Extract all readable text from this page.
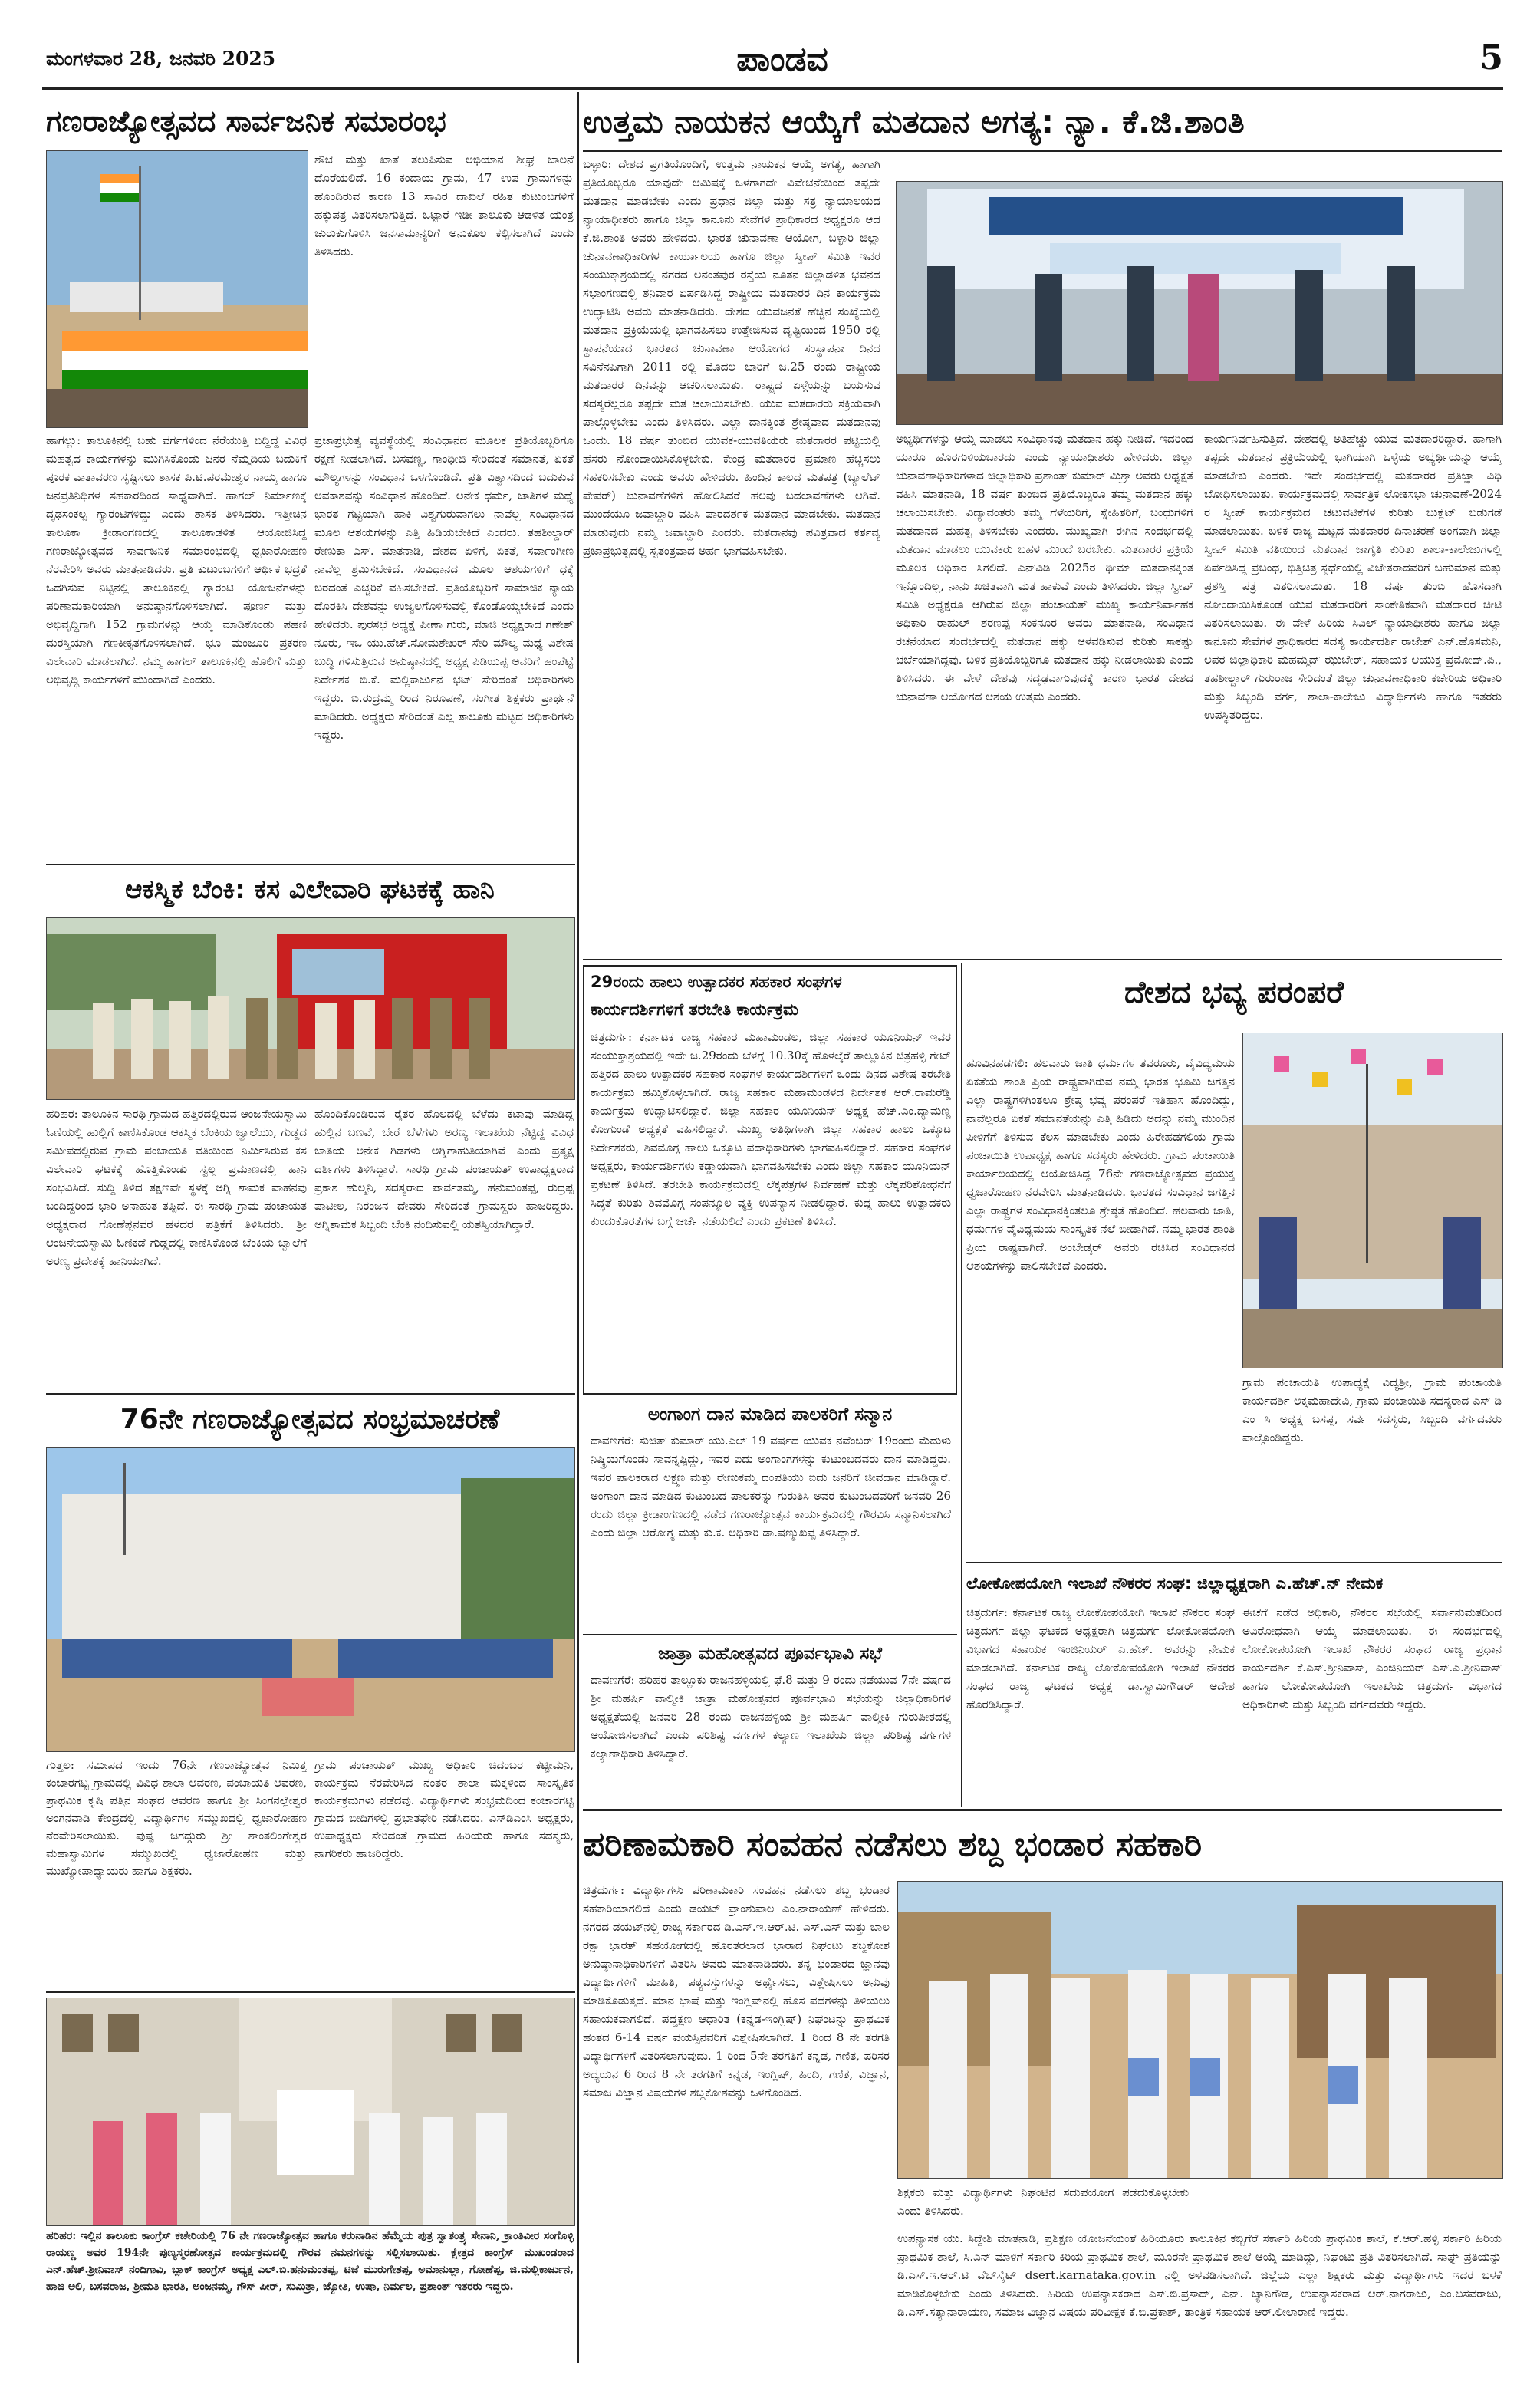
ಮಂಗಳವಾರ 28, ಜನವರಿ 2025	ಪಾಂಡವ	5
ಗಣರಾಜ್ಯೋತ್ಸವದ ಸಾರ್ವಜನಿಕ ಸಮಾರಂಭ
ಶೌಚ ಮತ್ತು ಖಾತೆ ತಲುಪಿಸುವ ಅಭಿಯಾನ ಶೀಘ್ರ ಚಾಲನೆ ದೊರೆಯಲಿದೆ. 16 ಕಂದಾಯ ಗ್ರಾಮ, 47 ಉಪ ಗ್ರಾಮಗಳನ್ನು ಹೊಂದಿರುವ ಕಾರಣ 13 ಸಾವಿರ ದಾಖಲೆ ರಹಿತ ಕುಟುಂಬಗಳಿಗೆ ಹಕ್ಕುಪತ್ರ ವಿತರಿಸಲಾಗುತ್ತಿದೆ. ಒಟ್ಟಾರೆ ಇಡೀ ತಾಲೂಕು ಆಡಳಿತ ಯಂತ್ರ ಚುರುಕುಗೊಳಿಸಿ ಜನಸಾಮಾನ್ಯರಿಗೆ ಅನುಕೂಲ ಕಲ್ಪಿಸಲಾಗಿದೆ ಎಂದು ತಿಳಿಸಿದರು.
ಹಾಗಲ್ಲು: ತಾಲೂಕಿನಲ್ಲಿ ಬಹು ವರ್ಗಗಳಿಂದ ನೆರೆಯುತ್ತಿ ಬಿದ್ದಿದ್ದ ವಿವಿಧ ಮಹತ್ವದ ಕಾರ್ಯಗಳನ್ನು ಮುಗಿಸಿಕೊಂಡು ಜನರ ನೆಮ್ಮದಿಯ ಬದುಕಿಗೆ ಪೂರಕ ವಾತಾವರಣ ಸೃಷ್ಟಿಸಲು ಶಾಸಕ ಪಿ.ಟಿ.ಪರಮೇಶ್ವರ ನಾಯ್ಕ ಹಾಗೂ ಜನಪ್ರತಿನಿಧಿಗಳ ಸಹಕಾರದಿಂದ ಸಾಧ್ಯವಾಗಿದೆ. ಹಾಗಲ್ ನಿರ್ಮಾಣಕ್ಕೆ ದೃಢಸಂಕಲ್ಪ ಗ್ಯಾರಂಟಿಗಳಿದ್ದು ಎಂದು ಶಾಸಕ ತಿಳಿಸಿದರು. ಇತ್ತೀಚಿನ ತಾಲೂಕಾ ಕ್ರೀಡಾಂಗಣದಲ್ಲಿ ತಾಲೂಕಾಡಳಿತ ಆಯೋಜಿಸಿದ್ದ ಗಣರಾಜ್ಯೋತ್ಸವದ ಸಾರ್ವಜನಿಕ ಸಮಾರಂಭದಲ್ಲಿ ಧ್ವಜಾರೋಹಣ ನೆರವೇರಿಸಿ ಅವರು ಮಾತನಾಡಿದರು. ಪ್ರತಿ ಕುಟುಂಬಗಳಿಗೆ ಆರ್ಥಿಕ ಭದ್ರತೆ ಒದಗಿಸುವ ನಿಟ್ಟಿನಲ್ಲಿ ತಾಲೂಕಿನಲ್ಲಿ ಗ್ಯಾರಂಟಿ ಯೋಜನೆಗಳನ್ನು ಪರಿಣಾಮಕಾರಿಯಾಗಿ ಅನುಷ್ಠಾನಗೊಳಿಸಲಾಗಿದೆ. ಪೂರ್ಣ ಮತ್ತು ಅಭಿವೃದ್ಧಿಗಾಗಿ 152 ಗ್ರಾಮಗಳನ್ನು ಆಯ್ಕೆ ಮಾಡಿಕೊಂಡು ಪಹಣಿ ದುರಸ್ತಿಯಾಗಿ ಗಣಕೀಕೃತಗೊಳಿಸಲಾಗಿದೆ. ಭೂ ಮಂಜೂರಿ ಪ್ರಕರಣ ವಿಲೇವಾರಿ ಮಾಡಲಾಗಿದೆ. ನಮ್ಮ ಹಾಗಲ್ ತಾಲೂಕಿನಲ್ಲಿ ಹೊಲಿಗೆ ಮತ್ತು ಅಭಿವೃದ್ಧಿ ಕಾರ್ಯಗಳಿಗೆ ಮುಂದಾಗಿದೆ ಎಂದರು.
ಪ್ರಜಾಪ್ರಭುತ್ವ ವ್ಯವಸ್ಥೆಯಲ್ಲಿ ಸಂವಿಧಾನದ ಮೂಲಕ ಪ್ರತಿಯೊಬ್ಬರಿಗೂ ರಕ್ಷಣೆ ನೀಡಲಾಗಿದೆ. ಬಸವಣ್ಣ, ಗಾಂಧೀಜಿ ಸೇರಿದಂತೆ ಸಮಾನತೆ, ಏಕತೆ ಮೌಲ್ಯಗಳನ್ನು ಸಂವಿಧಾನ ಒಳಗೊಂಡಿದೆ. ಪ್ರತಿ ವಿಶ್ವಾಸದಿಂದ ಬದುಕುವ ಅವಕಾಶವನ್ನು ಸಂವಿಧಾನ ಹೊಂದಿದೆ. ಅನೇಕ ಧರ್ಮ, ಜಾತಿಗಳ ಮಧ್ಯೆ ಭಾರತ ಗಟ್ಟಿಯಾಗಿ ಹಾಕಿ ವಿಶ್ವಗುರುವಾಗಲು ನಾವೆಲ್ಲ ಸಂವಿಧಾನದ ಮೂಲ ಆಶಯಗಳನ್ನು ಎತ್ತಿ ಹಿಡಿಯಬೇಕಿದೆ ಎಂದರು. ತಹಶೀಲ್ದಾರ್ ರೇಣುಕಾ ಎಸ್. ಮಾತನಾಡಿ, ದೇಶದ ಏಳಿಗೆ, ಏಕತೆ, ಸರ್ವಾಂಗೀಣ ನಾವೆಲ್ಲ ಶ್ರಮಿಸಬೇಕಿದೆ. ಸಂವಿಧಾನದ ಮೂಲ ಆಶಯಗಳಿಗೆ ಧಕ್ಕೆ ಬರದಂತೆ ಎಚ್ಚರಿಕೆ ವಹಿಸಬೇಕಿದೆ. ಪ್ರತಿಯೊಬ್ಬರಿಗೆ ಸಾಮಾಜಿಕ ನ್ಯಾಯ ದೊರಕಿಸಿ ದೇಶವನ್ನು ಉಜ್ವಲಗೊಳಿಸುವಲ್ಲಿ ಕೊಂಡೊಯ್ಯಬೇಕಿದೆ ಎಂದು ಹೇಳಿದರು. ಪುರಸಭೆ ಅಧ್ಯಕ್ಷೆ ಪೀಣಾ ಗುರು, ಮಾಜಿ ಅಧ್ಯಕ್ಷರಾದ ಗಣೇಶ್ ನೂರು, ಇಒ ಯು.ಹೆಚ್.ಸೋಮಶೇಖರ್ ಸೇರಿ ಮೌಲ್ಯ ಮಧ್ಯೆ ವಿಶೇಷ ಬುದ್ಧಿ ಗಳಿಸುತ್ತಿರುವ ಅನುಷ್ಠಾನದಲ್ಲಿ ಅಧ್ಯಕ್ಷ ಪಿಡಿಯಪ್ಪ ಅವರಿಗೆ ಹಂಪೆಟ್ಟೆ ನಿರ್ದೇಶಕ ಬಿ.ಕೆ. ಮಲ್ಲಿಕಾರ್ಜುನ ಭಟ್ ಸೇರಿದಂತೆ ಅಧಿಕಾರಿಗಳು ಇದ್ದರು. ಬಿ.ರುದ್ರಮ್ಮ ರಿಂದ ನಿರೂಪಣೆ, ಸಂಗೀತ ಶಿಕ್ಷಕರು ಪ್ರಾರ್ಥನೆ ಮಾಡಿದರು. ಅಧ್ಯಕ್ಷರು ಸೇರಿದಂತೆ ಎಲ್ಲ ತಾಲೂಕು ಮಟ್ಟದ ಅಧಿಕಾರಿಗಳು ಇದ್ದರು.
ಆಕಸ್ಮಿಕ ಬೆಂಕಿ: ಕಸ ವಿಲೇವಾರಿ ಘಟಕಕ್ಕೆ ಹಾನಿ
ಹರಿಹರ: ತಾಲೂಕಿನ ಸಾರಥಿ ಗ್ರಾಮದ ಹತ್ತಿರದಲ್ಲಿರುವ ಆಂಜನೇಯಸ್ವಾಮಿ ಓಣಿಯಲ್ಲಿ ಹುಲ್ಲಿಗೆ ಕಾಣಿಸಿಕೊಂಡ ಆಕಸ್ಮಿಕ ಬೆಂಕಿಯ ಜ್ವಾಲೆಯು, ಗುಡ್ಡದ ಸಮೀಪದಲ್ಲಿರುವ ಗ್ರಾಮ ಪಂಚಾಯತಿ ವತಿಯಿಂದ ನಿರ್ಮಿಸಿರುವ ಕಸ ವಿಲೇವಾರಿ ಘಟಕಕ್ಕೆ ಹೊತ್ತಿಕೊಂಡು ಸ್ವಲ್ಪ ಪ್ರಮಾಣದಲ್ಲಿ ಹಾನಿ ಸಂಭವಿಸಿದೆ. ಸುದ್ದಿ ತಿಳಿದ ತಕ್ಷಣವೇ ಸ್ಥಳಕ್ಕೆ ಅಗ್ನಿ ಶಾಮಕ ವಾಹನವು ಬಂದಿದ್ದರಿಂದ ಭಾರಿ ಅನಾಹುತ ತಪ್ಪಿದೆ. ಈ ಸಾರಥಿ ಗ್ರಾಮ ಪಂಚಾಯತ ಅಧ್ಯಕ್ಷರಾದ ಗೋಣೆಪ್ಪನವರ ಹಳದರ ಪತ್ರಿಕೆಗೆ ತಿಳಿಸಿದರು. ಶ್ರೀ ಆಂಜನೇಯಸ್ವಾಮಿ ಓಣಿಕಡೆ ಗುಡ್ಡದಲ್ಲಿ ಕಾಣಿಸಿಕೊಂಡ ಬೆಂಕಿಯ ಜ್ವಾಲೆಗೆ ಅರಣ್ಯ ಪ್ರದೇಶಕ್ಕೆ ಹಾನಿಯಾಗಿದೆ.
ಹೊಂದಿಕೊಂಡಿರುವ ರೈತರ ಹೊಲದಲ್ಲಿ ಬೆಳೆದು ಕಟಾವು ಮಾಡಿದ್ದ ಹುಲ್ಲಿನ ಬಣವೆ, ಬೇರೆ ಬೆಳೆಗಳು ಅರಣ್ಯ ಇಲಾಖೆಯ ನೆಟ್ಟಿದ್ದ ವಿವಿಧ ಜಾತಿಯ ಅನೇಕ ಗಿಡಗಳು ಅಗ್ನಿಗಾಹುತಿಯಾಗಿವೆ ಎಂದು ಪ್ರತ್ಯಕ್ಷ ದರ್ಶಿಗಳು ತಿಳಿಸಿದ್ದಾರೆ. ಸಾರಥಿ ಗ್ರಾಮ ಪಂಚಾಯತ್ ಉಪಾಧ್ಯಕ್ಷರಾದ ಪ್ರಕಾಶ ಹುಲ್ಮನಿ, ಸದಸ್ಯರಾದ ಪಾರ್ವತಮ್ಮ, ಹನುಮಂತಪ್ಪ, ರುದ್ರಪ್ಪ ಪಾಟೀಲ, ನಿರಂಜನ ದೇವರು ಸೇರಿದಂತೆ ಗ್ರಾಮಸ್ಥರು ಹಾಜರಿದ್ದರು. ಅಗ್ನಿಶಾಮಕ ಸಿಬ್ಬಂದಿ ಬೆಂಕಿ ನಂದಿಸುವಲ್ಲಿ ಯಶಸ್ವಿಯಾಗಿದ್ದಾರೆ.
76ನೇ ಗಣರಾಜ್ಯೋತ್ಸವದ ಸಂಭ್ರಮಾಚರಣೆ
ಗುತ್ತಲ: ಸಮೀಪದ ಇಂದು 76ನೇ ಗಣರಾಜ್ಯೋತ್ಸವ ನಿಮಿತ್ತ ಕಂಚಾರಗಟ್ಟಿ ಗ್ರಾಮದಲ್ಲಿ ವಿವಿಧ ಶಾಲಾ ಆವರಣ, ಪಂಚಾಯತಿ ಆವರಣ, ಪ್ರಾಥಮಿಕ ಕೃಷಿ ಪತ್ತಿನ ಸಂಘದ ಆವರಣ ಹಾಗೂ ಶ್ರೀ ಸಿಂಗನಲ್ಲೇಶ್ವರ ಅಂಗನವಾಡಿ ಕೇಂದ್ರದಲ್ಲಿ ವಿದ್ಯಾರ್ಥಿಗಳ ಸಮ್ಮುಖದಲ್ಲಿ ಧ್ವಜಾರೋಹಣ ನೆರವೇರಿಸಲಾಯಿತು. ಪುಷ್ಪ ಜಗದ್ಗುರು ಶ್ರೀ ಶಾಂತಲಿಂಗೇಶ್ವರ ಮಹಾಸ್ವಾಮಿಗಳ ಸಮ್ಮುಖದಲ್ಲಿ ಧ್ವಜಾರೋಹಣ ಮತ್ತು ಮುಖ್ಯೋಪಾಧ್ಯಾಯರು ಹಾಗೂ ಶಿಕ್ಷಕರು.
ಗ್ರಾಮ ಪಂಚಾಯತ್ ಮುಖ್ಯ ಅಧಿಕಾರಿ ಚಿದಂಬರ ಕಟ್ಟೀಮನಿ, ಕಾರ್ಯಕ್ರಮ ನೆರವೇರಿಸಿದ ನಂತರ ಶಾಲಾ ಮಕ್ಕಳಿಂದ ಸಾಂಸ್ಕೃತಿಕ ಕಾರ್ಯಕ್ರಮಗಳು ನಡೆದವು. ವಿದ್ಯಾರ್ಥಿಗಳು ಸಂಭ್ರಮದಿಂದ ಕಂಚಾರಗಟ್ಟಿ ಗ್ರಾಮದ ಬೀದಿಗಳಲ್ಲಿ ಪ್ರಭಾತಫೇರಿ ನಡೆಸಿದರು. ಎಸ್‌ಡಿಎಂಸಿ ಅಧ್ಯಕ್ಷರು, ಉಪಾಧ್ಯಕ್ಷರು ಸೇರಿದಂತೆ ಗ್ರಾಮದ ಹಿರಿಯರು ಹಾಗೂ ಸದಸ್ಯರು, ನಾಗರಿಕರು ಹಾಜರಿದ್ದರು.
ಹರಿಹರ: ಇಲ್ಲಿನ ತಾಲೂಕು ಕಾಂಗ್ರೆಸ್ ಕಚೇರಿಯಲ್ಲಿ 76 ನೇ ಗಣರಾಜ್ಯೋತ್ಸವ ಹಾಗೂ ಕರುನಾಡಿನ ಹೆಮ್ಮೆಯ ಪುತ್ರ ಸ್ವಾತಂತ್ರ್ಯ ಸೇನಾನಿ, ಕ್ರಾಂತಿವೀರ ಸಂಗೊಳ್ಳಿ ರಾಯಣ್ಣ ಅವರ 194ನೇ ಪುಣ್ಯಸ್ಮರಣೋತ್ಸವ ಕಾರ್ಯಕ್ರಮದಲ್ಲಿ ಗೌರವ ನಮನಗಳನ್ನು ಸಲ್ಲಿಸಲಾಯಿತು. ಕ್ಷೇತ್ರದ ಕಾಂಗ್ರೆಸ್ ಮುಖಂಡರಾದ ಎನ್.ಹೆಚ್.ಶ್ರೀನಿವಾಸ್ ನಂದಿಗಾವಿ, ಬ್ಲಾಕ್ ಕಾಂಗ್ರೆಸ್ ಅಧ್ಯಕ್ಷ ಎಲ್.ಬಿ.ಹನುಮಂತಪ್ಪ, ಟಿಜೆ ಮುರುಗೇಶಪ್ಪ, ಅಮಾನುಲ್ಲಾ, ಗೋಣೆಪ್ಪ, ಜಿ.ಮಲ್ಲಿಕಾರ್ಜುನ, ಹಾಜಿ ಅಲಿ, ಬಸವರಾಜ, ಶ್ರೀಮತಿ ಭಾರತಿ, ಅಂಜನಮ್ಮ, ಗೌಸ್ ಪೀರ್, ಸುಮಿತ್ರಾ, ಜ್ಯೋತಿ, ಉಷಾ, ನಿರ್ಮಲ, ಪ್ರಶಾಂತ್ ಇತರರು ಇದ್ದರು.
ಉತ್ತಮ ನಾಯಕನ ಆಯ್ಕೆಗೆ ಮತದಾನ ಅಗತ್ಯ: ನ್ಯಾ. ಕೆ.ಜಿ.ಶಾಂತಿ
ಬಳ್ಳಾರಿ: ದೇಶದ ಪ್ರಗತಿಯೊಂದಿಗೆ, ಉತ್ತಮ ನಾಯಕನ ಆಯ್ಕೆ ಅಗತ್ಯ, ಹಾಗಾಗಿ ಪ್ರತಿಯೊಬ್ಬರೂ ಯಾವುದೇ ಆಮಿಷಕ್ಕೆ ಒಳಗಾಗದೇ ವಿವೇಚನೆಯಿಂದ ತಪ್ಪದೇ ಮತದಾನ ಮಾಡಬೇಕು ಎಂದು ಪ್ರಧಾನ ಜಿಲ್ಲಾ ಮತ್ತು ಸತ್ರ ನ್ಯಾಯಾಲಯದ ನ್ಯಾಯಾಧೀಶರು ಹಾಗೂ ಜಿಲ್ಲಾ ಕಾನೂನು ಸೇವೆಗಳ ಪ್ರಾಧಿಕಾರದ ಅಧ್ಯಕ್ಷರೂ ಆದ ಕೆ.ಜಿ.ಶಾಂತಿ ಅವರು ಹೇಳಿದರು. ಭಾರತ ಚುನಾವಣಾ ಆಯೋಗ, ಬಳ್ಳಾರಿ ಜಿಲ್ಲಾ ಚುನಾವಣಾಧಿಕಾರಿಗಳ ಕಾರ್ಯಾಲಯ ಹಾಗೂ ಜಿಲ್ಲಾ ಸ್ವೀಪ್ ಸಮಿತಿ ಇವರ ಸಂಯುಕ್ತಾಶ್ರಯದಲ್ಲಿ ನಗರದ ಅನಂತಪುರ ರಸ್ತೆಯ ನೂತನ ಜಿಲ್ಲಾಡಳಿತ ಭವನದ ಸಭಾಂಗಣದಲ್ಲಿ ಶನಿವಾರ ಏರ್ಪಡಿಸಿದ್ದ ರಾಷ್ಟ್ರೀಯ ಮತದಾರರ ದಿನ ಕಾರ್ಯಕ್ರಮ ಉದ್ಘಾಟಿಸಿ ಅವರು ಮಾತನಾಡಿದರು. ದೇಶದ ಯುವಜನತೆ ಹೆಚ್ಚಿನ ಸಂಖ್ಯೆಯಲ್ಲಿ ಮತದಾನ ಪ್ರಕ್ರಿಯೆಯಲ್ಲಿ ಭಾಗವಹಿಸಲು ಉತ್ತೇಜಿಸುವ ದೃಷ್ಟಿಯಿಂದ 1950 ರಲ್ಲಿ ಸ್ಥಾಪನೆಯಾದ ಭಾರತದ ಚುನಾವಣಾ ಆಯೋಗದ ಸಂಸ್ಥಾಪನಾ ದಿನದ ಸವಿನೆನಪಿಗಾಗಿ 2011 ರಲ್ಲಿ ಮೊದಲ ಬಾರಿಗೆ ಜ.25 ರಂದು ರಾಷ್ಟ್ರೀಯ ಮತದಾರರ ದಿನವನ್ನು ಆಚರಿಸಲಾಯಿತು. ರಾಷ್ಟ್ರದ ಏಳ್ಗೆಯನ್ನು ಬಯಸುವ ಸದಸ್ಯರೆಲ್ಲರೂ ತಪ್ಪದೇ ಮತ ಚಲಾಯಿಸಬೇಕು. ಯುವ ಮತದಾರರು ಸಕ್ರಿಯವಾಗಿ ಪಾಲ್ಗೊಳ್ಳಬೇಕು ಎಂದು ತಿಳಿಸಿದರು. ಎಲ್ಲಾ ದಾನಕ್ಕಿಂತ ಶ್ರೇಷ್ಠವಾದ ಮತದಾನವು ಒಂದು. 18 ವರ್ಷ ತುಂಬಿದ ಯುವಕ-ಯುವತಿಯರು ಮತದಾರರ ಪಟ್ಟಿಯಲ್ಲಿ ಹೆಸರು ನೋಂದಾಯಿಸಿಕೊಳ್ಳಬೇಕು. ಕೇಂದ್ರ ಮತದಾರರ ಪ್ರಮಾಣ ಹೆಚ್ಚಿಸಲು ಸಹಕರಿಸಬೇಕು ಎಂದು ಅವರು ಹೇಳಿದರು. ಹಿಂದಿನ ಕಾಲದ ಮತಪತ್ರ (ಬ್ಯಾಲೆಟ್ ಪೇಪರ್) ಚುನಾವಣೆಗಳಿಗೆ ಹೋಲಿಸಿದರೆ ಹಲವು ಬದಲಾವಣೆಗಳು ಆಗಿವೆ. ಮುಂದೆಯೂ ಜವಾಬ್ದಾರಿ ವಹಿಸಿ ಪಾರದರ್ಶಕ ಮತದಾನ ಮಾಡಬೇಕು. ಮತದಾನ ಮಾಡುವುದು ನಮ್ಮ ಜವಾಬ್ದಾರಿ ಎಂದರು. ಮತದಾನವು ಪವಿತ್ರವಾದ ಕರ್ತವ್ಯ ಪ್ರಜಾಪ್ರಭುತ್ವದಲ್ಲಿ ಸ್ವತಂತ್ರವಾದ ಅರ್ಹ ಭಾಗವಹಿಸಬೇಕು.
ಅಭ್ಯರ್ಥಿಗಳನ್ನು ಆಯ್ಕೆ ಮಾಡಲು ಸಂವಿಧಾನವು ಮತದಾನ ಹಕ್ಕು ನೀಡಿದೆ. ಇದರಿಂದ ಯಾರೂ ಹೊರಗುಳಿಯಬಾರದು ಎಂದು ನ್ಯಾಯಾಧೀಶರು ಹೇಳಿದರು. ಜಿಲ್ಲಾ ಚುನಾವಣಾಧಿಕಾರಿಗಳಾದ ಜಿಲ್ಲಾಧಿಕಾರಿ ಪ್ರಶಾಂತ್ ಕುಮಾರ್ ಮಿಶ್ರಾ ಅವರು ಅಧ್ಯಕ್ಷತೆ ವಹಿಸಿ ಮಾತನಾಡಿ, 18 ವರ್ಷ ತುಂಬಿದ ಪ್ರತಿಯೊಬ್ಬರೂ ತಮ್ಮ ಮತದಾನ ಹಕ್ಕು ಚಲಾಯಿಸಬೇಕು. ವಿದ್ಯಾವಂತರು ತಮ್ಮ ಗೆಳೆಯರಿಗೆ, ಸ್ನೇಹಿತರಿಗೆ, ಬಂಧುಗಳಿಗೆ ಮತದಾನದ ಮಹತ್ವ ತಿಳಿಸಬೇಕು ಎಂದರು. ಮುಖ್ಯವಾಗಿ ಈಗಿನ ಸಂದರ್ಭದಲ್ಲಿ ಮತದಾನ ಮಾಡಲು ಯುವಕರು ಬಹಳ ಮುಂದೆ ಬರಬೇಕು. ಮತದಾರರ ಪ್ರಕ್ರಿಯೆ ಮೂಲಕ ಅಧಿಕಾರ ಸಿಗಲಿದೆ. ಎನ್‌ವಿಡಿ 2025ರ ಥೀಮ್ ಮತದಾನಕ್ಕಿಂತ ಇನ್ನೊಂದಿಲ್ಲ, ನಾನು ಖಚಿತವಾಗಿ ಮತ ಹಾಕುವೆ ಎಂದು ತಿಳಿಸಿದರು. ಜಿಲ್ಲಾ ಸ್ವೀಪ್ ಸಮಿತಿ ಅಧ್ಯಕ್ಷರೂ ಆಗಿರುವ ಜಿಲ್ಲಾ ಪಂಚಾಯತ್ ಮುಖ್ಯ ಕಾರ್ಯನಿರ್ವಾಹಕ ಅಧಿಕಾರಿ ರಾಹುಲ್ ಶರಣಪ್ಪ ಸಂಕನೂರ ಅವರು ಮಾತನಾಡಿ, ಸಂವಿಧಾನ ರಚನೆಯಾದ ಸಂದರ್ಭದಲ್ಲಿ ಮತದಾನ ಹಕ್ಕು ಆಳವಡಿಸುವ ಕುರಿತು ಸಾಕಷ್ಟು ಚರ್ಚೆಯಾಗಿದ್ದವು. ಬಳಿಕ ಪ್ರತಿಯೊಬ್ಬರಿಗೂ ಮತದಾನ ಹಕ್ಕು ನೀಡಲಾಯಿತು ಎಂದು ತಿಳಿಸಿದರು. ಈ ವೇಳೆ ದೇಶವು ಸದೃಢವಾಗುವುದಕ್ಕೆ ಕಾರಣ ಭಾರತ ದೇಶದ ಚುನಾವಣಾ ಆಯೋಗದ ಆಶಯ ಉತ್ತಮ ಎಂದರು.
ಕಾರ್ಯನಿರ್ವಹಿಸುತ್ತಿದೆ. ದೇಶದಲ್ಲಿ ಅತಿಹೆಚ್ಚು ಯುವ ಮತದಾರರಿದ್ದಾರೆ. ಹಾಗಾಗಿ ತಪ್ಪದೇ ಮತದಾನ ಪ್ರಕ್ರಿಯೆಯಲ್ಲಿ ಭಾಗಿಯಾಗಿ ಒಳ್ಳೆಯ ಅಭ್ಯರ್ಥಿಯನ್ನು ಆಯ್ಕೆ ಮಾಡಬೇಕು ಎಂದರು. ಇದೇ ಸಂದರ್ಭದಲ್ಲಿ ಮತದಾರರ ಪ್ರತಿಜ್ಞಾ ವಿಧಿ ಬೋಧಿಸಲಾಯಿತು. ಕಾರ್ಯಕ್ರಮದಲ್ಲಿ ಸಾರ್ವತ್ರಿಕ ಲೋಕಸಭಾ ಚುನಾವಣೆ-2024 ರ ಸ್ವೀಪ್ ಕಾರ್ಯಕ್ರಮದ ಚಟುವಟಿಕೆಗಳ ಕುರಿತು ಬುಕ್ಲೆಟ್ ಬಿಡುಗಡೆ ಮಾಡಲಾಯಿತು. ಬಳಿಕ ರಾಜ್ಯ ಮಟ್ಟದ ಮತದಾರರ ದಿನಾಚರಣೆ ಅಂಗವಾಗಿ ಜಿಲ್ಲಾ ಸ್ವೀಪ್ ಸಮಿತಿ ವತಿಯಿಂದ ಮತದಾನ ಜಾಗೃತಿ ಕುರಿತು ಶಾಲಾ-ಕಾಲೇಜುಗಳಲ್ಲಿ ಏರ್ಪಡಿಸಿದ್ದ ಪ್ರಬಂಧ, ಭಿತ್ತಿಚಿತ್ರ ಸ್ಪರ್ಧೆಯಲ್ಲಿ ವಿಜೇತರಾದವರಿಗೆ ಬಹುಮಾನ ಮತ್ತು ಪ್ರಶಸ್ತಿ ಪತ್ರ ವಿತರಿಸಲಾಯಿತು. 18 ವರ್ಷ ತುಂಬಿ ಹೊಸದಾಗಿ ನೋಂದಾಯಿಸಿಕೊಂಡ ಯುವ ಮತದಾರರಿಗೆ ಸಾಂಕೇತಿಕವಾಗಿ ಮತದಾರರ ಚೀಟಿ ವಿತರಿಸಲಾಯಿತು. ಈ ವೇಳೆ ಹಿರಿಯ ಸಿವಿಲ್ ನ್ಯಾಯಾಧೀಶರು ಹಾಗೂ ಜಿಲ್ಲಾ ಕಾನೂನು ಸೇವೆಗಳ ಪ್ರಾಧಿಕಾರದ ಸದಸ್ಯ ಕಾರ್ಯದರ್ಶಿ ರಾಜೇಶ್ ಎನ್.ಹೊಸಮನಿ, ಅಪರ ಜಿಲ್ಲಾಧಿಕಾರಿ ಮಹಮ್ಮದ್ ಝುಬೇರ್, ಸಹಾಯಕ ಆಯುಕ್ತ ಪ್ರಮೋದ್.ಪಿ., ತಹಶೀಲ್ದಾರ್ ಗುರುರಾಜ ಸೇರಿದಂತೆ ಜಿಲ್ಲಾ ಚುನಾವಣಾಧಿಕಾರಿ ಕಚೇರಿಯ ಅಧಿಕಾರಿ ಮತ್ತು ಸಿಬ್ಬಂದಿ ವರ್ಗ, ಶಾಲಾ-ಕಾಲೇಜು ವಿದ್ಯಾರ್ಥಿಗಳು ಹಾಗೂ ಇತರರು ಉಪಸ್ಥಿತರಿದ್ದರು.
29ರಂದು ಹಾಲು ಉತ್ಪಾದಕರ ಸಹಕಾರ ಸಂಘಗಳ
ಕಾರ್ಯದರ್ಶಿಗಳಿಗೆ ತರಬೇತಿ ಕಾರ್ಯಕ್ರಮ
ಚಿತ್ರದುರ್ಗ: ಕರ್ನಾಟಕ ರಾಜ್ಯ ಸಹಕಾರ ಮಹಾಮಂಡಲ, ಜಿಲ್ಲಾ ಸಹಕಾರ ಯೂನಿಯನ್ ಇವರ ಸಂಯುಕ್ತಾಶ್ರಯದಲ್ಲಿ ಇದೇ ಜ.29ರಂದು ಬೆಳಗ್ಗೆ 10.30ಕ್ಕೆ ಹೊಳಲ್ಕೆರೆ ತಾಲ್ಲೂಕಿನ ಚಿತ್ರಹಳ್ಳಿ ಗೇಟ್ ಹತ್ತಿರದ ಹಾಲು ಉತ್ಪಾದಕರ ಸಹಕಾರ ಸಂಘಗಳ ಕಾರ್ಯದರ್ಶಿಗಳಿಗೆ ಒಂದು ದಿನದ ವಿಶೇಷ ತರಬೇತಿ ಕಾರ್ಯಕ್ರಮ ಹಮ್ಮಿಕೊಳ್ಳಲಾಗಿದೆ. ರಾಜ್ಯ ಸಹಕಾರ ಮಹಾಮಂಡಳದ ನಿರ್ದೇಶಕ ಆರ್.ರಾಮರೆಡ್ಡಿ ಕಾರ್ಯಕ್ರಮ ಉದ್ಘಾಟಿಸಲಿದ್ದಾರೆ. ಜಿಲ್ಲಾ ಸಹಕಾರ ಯೂನಿಯನ್ ಅಧ್ಯಕ್ಷ ಹೆಚ್.ಎಂ.ದ್ಯಾಮಣ್ಣ ಕೋಗುಂಡೆ ಅಧ್ಯಕ್ಷತೆ ವಹಿಸಲಿದ್ದಾರೆ. ಮುಖ್ಯ ಅತಿಥಿಗಳಾಗಿ ಜಿಲ್ಲಾ ಸಹಕಾರ ಹಾಲು ಒಕ್ಕೂಟ ನಿರ್ದೇಶಕರು, ಶಿವಮೊಗ್ಗ ಹಾಲು ಒಕ್ಕೂಟ ಪದಾಧಿಕಾರಿಗಳು ಭಾಗವಹಿಸಲಿದ್ದಾರೆ. ಸಹಕಾರ ಸಂಘಗಳ ಅಧ್ಯಕ್ಷರು, ಕಾರ್ಯದರ್ಶಿಗಳು ಕಡ್ಡಾಯವಾಗಿ ಭಾಗವಹಿಸಬೇಕು ಎಂದು ಜಿಲ್ಲಾ ಸಹಕಾರ ಯೂನಿಯನ್ ಪ್ರಕಟಣೆ ತಿಳಿಸಿದೆ. ತರಬೇತಿ ಕಾರ್ಯಕ್ರಮದಲ್ಲಿ ಲೆಕ್ಕಪತ್ರಗಳ ನಿರ್ವಹಣೆ ಮತ್ತು ಲೆಕ್ಕಪರಿಶೋಧನೆಗೆ ಸಿದ್ಧತೆ ಕುರಿತು ಶಿವಮೊಗ್ಗ ಸಂಪನ್ಮೂಲ ವ್ಯಕ್ತಿ ಉಪನ್ಯಾಸ ನೀಡಲಿದ್ದಾರೆ. ಕುದ್ದ ಹಾಲು ಉತ್ಪಾದಕರು ಕುಂದುಕೊರತೆಗಳ ಬಗ್ಗೆ ಚರ್ಚೆ ನಡೆಯಲಿದೆ ಎಂದು ಪ್ರಕಟಣೆ ತಿಳಿಸಿದೆ.
ಅಂಗಾಂಗ ದಾನ ಮಾಡಿದ ಪಾಲಕರಿಗೆ ಸನ್ಮಾನ
ದಾವಣಗೆರೆ: ಸುಜಿತ್ ಕುಮಾರ್ ಯು.ಎಲ್ 19 ವರ್ಷದ ಯುವಕ ನವೆಂಬರ್ 19ರಂದು ಮೆದುಳು ನಿಷ್ಕ್ರಿಯಗೊಂಡು ಸಾವನ್ನಪ್ಪಿದ್ದು, ಇವರ ಐದು ಅಂಗಾಂಗಗಳನ್ನು ಕುಟುಂಬದವರು ದಾನ ಮಾಡಿದ್ದರು. ಇವರ ಪಾಲಕರಾದ ಲಕ್ಷ್ಮಣ ಮತ್ತು ರೇಣುಕಮ್ಮ ದಂಪತಿಯು ಐದು ಜನರಿಗೆ ಜೀವದಾನ ಮಾಡಿದ್ದಾರೆ. ಅಂಗಾಂಗ ದಾನ ಮಾಡಿದ ಕುಟುಂಬದ ಪಾಲಕರನ್ನು ಗುರುತಿಸಿ ಅವರ ಕುಟುಂಬದವರಿಗೆ ಜನವರಿ 26 ರಂದು ಜಿಲ್ಲಾ ಕ್ರೀಡಾಂಗಣದಲ್ಲಿ ನಡೆದ ಗಣರಾಜ್ಯೋತ್ಸವ ಕಾರ್ಯಕ್ರಮದಲ್ಲಿ ಗೌರವಿಸಿ ಸನ್ಮಾನಿಸಲಾಗಿದೆ ಎಂದು ಜಿಲ್ಲಾ ಆರೋಗ್ಯ ಮತ್ತು ಕು.ಕ. ಅಧಿಕಾರಿ ಡಾ.ಷಣ್ಮುಖಪ್ಪ ತಿಳಿಸಿದ್ದಾರೆ.
ಜಾತ್ರಾ ಮಹೋತ್ಸವದ ಪೂರ್ವಭಾವಿ ಸಭೆ
ದಾವಣಗೆರೆ: ಹರಿಹರ ತಾಲ್ಲೂಕು ರಾಜನಹಳ್ಳಿಯಲ್ಲಿ ಫೆ.8 ಮತ್ತು 9 ರಂದು ನಡೆಯುವ 7ನೇ ವರ್ಷದ ಶ್ರೀ ಮಹರ್ಷಿ ವಾಲ್ಮೀಕಿ ಜಾತ್ರಾ ಮಹೋತ್ಸವದ ಪೂರ್ವಭಾವಿ ಸಭೆಯನ್ನು ಜಿಲ್ಲಾಧಿಕಾರಿಗಳ ಅಧ್ಯಕ್ಷತೆಯಲ್ಲಿ ಜನವರಿ 28 ರಂದು ರಾಜನಹಳ್ಳಿಯ ಶ್ರೀ ಮಹರ್ಷಿ ವಾಲ್ಮೀಕಿ ಗುರುಪೀಠದಲ್ಲಿ ಆಯೋಜಿಸಲಾಗಿದೆ ಎಂದು ಪರಿಶಿಷ್ಟ ವರ್ಗಗಳ ಕಲ್ಯಾಣ ಇಲಾಖೆಯ ಜಿಲ್ಲಾ ಪರಿಶಿಷ್ಟ ವರ್ಗಗಳ ಕಲ್ಯಾಣಾಧಿಕಾರಿ ತಿಳಿಸಿದ್ದಾರೆ.
ದೇಶದ ಭವ್ಯ ಪರಂಪರೆ
ಹೂವಿನಹಡಗಲಿ: ಹಲವಾರು ಜಾತಿ ಧರ್ಮಗಳ ತವರೂರು, ವೈವಿಧ್ಯಮಯ ಏಕತೆಯ ಶಾಂತಿ ಪ್ರಿಯ ರಾಷ್ಟ್ರವಾಗಿರುವ ನಮ್ಮ ಭಾರತ ಭೂಮಿ ಜಗತ್ತಿನ ಎಲ್ಲಾ ರಾಷ್ಟ್ರಗಳಿಗಿಂತಲೂ ಶ್ರೇಷ್ಠ ಭವ್ಯ ಪರಂಪರೆ ಇತಿಹಾಸ ಹೊಂದಿದ್ದು, ನಾವೆಲ್ಲರೂ ಏಕತೆ ಸಮಾನತೆಯನ್ನು ಎತ್ತಿ ಹಿಡಿದು ಅದನ್ನು ನಮ್ಮ ಮುಂದಿನ ಪೀಳಿಗೆಗೆ ತಿಳಿಸುವ ಕೆಲಸ ಮಾಡಬೇಕು ಎಂದು ಹಿರೇಹಡಗಲಿಯ ಗ್ರಾಮ ಪಂಚಾಯಿತಿ ಉಪಾಧ್ಯಕ್ಷ ಹಾಗೂ ಸದಸ್ಯರು ಹೇಳಿದರು. ಗ್ರಾಮ ಪಂಚಾಯಿತಿ ಕಾರ್ಯಾಲಯದಲ್ಲಿ ಆಯೋಜಿಸಿದ್ದ 76ನೇ ಗಣರಾಜ್ಯೋತ್ಸವದ ಪ್ರಯುಕ್ತ ಧ್ವಜಾರೋಹಣ ನೆರವೇರಿಸಿ ಮಾತನಾಡಿದರು. ಭಾರತದ ಸಂವಿಧಾನ ಜಗತ್ತಿನ ಎಲ್ಲಾ ರಾಷ್ಟ್ರಗಳ ಸಂವಿಧಾನಕ್ಕಿಂತಲೂ ಶ್ರೇಷ್ಠತೆ ಹೊಂದಿದೆ. ಹಲವಾರು ಜಾತಿ, ಧರ್ಮಗಳ ವೈವಿಧ್ಯಮಯ ಸಾಂಸ್ಕೃತಿಕ ನೆಲೆ ಬೀಡಾಗಿದೆ. ನಮ್ಮ ಭಾರತ ಶಾಂತಿ ಪ್ರಿಯ ರಾಷ್ಟ್ರವಾಗಿದೆ. ಅಂಬೇಡ್ಕರ್ ಅವರು ರಚಿಸಿದ ಸಂವಿಧಾನದ ಆಶಯಗಳನ್ನು ಪಾಲಿಸಬೇಕಿದೆ ಎಂದರು.
ಗ್ರಾಮ ಪಂಚಾಯತಿ ಉಪಾಧ್ಯಕ್ಷೆ ವಿದ್ಯಶ್ರೀ, ಗ್ರಾಮ ಪಂಚಾಯತಿ ಕಾರ್ಯದರ್ಶಿ ಅಕ್ಕಮಹಾದೇವಿ, ಗ್ರಾಮ ಪಂಚಾಯಿತಿ ಸದಸ್ಯರಾದ ಎಸ್ ಡಿ ಎಂ ಸಿ ಅಧ್ಯಕ್ಷ ಬಸಪ್ಪ, ಸರ್ವ ಸದಸ್ಯರು, ಸಿಬ್ಬಂದಿ ವರ್ಗದವರು ಪಾಲ್ಗೊಂಡಿದ್ದರು.
ಲೋಕೋಪಯೋಗಿ ಇಲಾಖೆ ನೌಕರರ ಸಂಘ: ಜಿಲ್ಲಾಧ್ಯಕ್ಷರಾಗಿ ಎ.ಹೆಚ್.ನ್ ನೇಮಕ
ಚಿತ್ರದುರ್ಗ: ಕರ್ನಾಟಕ ರಾಜ್ಯ ಲೋಕೋಪಯೋಗಿ ಇಲಾಖೆ ನೌಕರರ ಸಂಘ ಚಿತ್ರದುರ್ಗ ಜಿಲ್ಲಾ ಘಟಕದ ಅಧ್ಯಕ್ಷರಾಗಿ ಚಿತ್ರದುರ್ಗ ಲೋಕೋಪಯೋಗಿ ವಿಭಾಗದ ಸಹಾಯಕ ಇಂಜಿನಿಯರ್ ಎ.ಹೆಚ್. ಅವರನ್ನು ನೇಮಕ ಮಾಡಲಾಗಿದೆ. ಕರ್ನಾಟಕ ರಾಜ್ಯ ಲೋಕೋಪಯೋಗಿ ಇಲಾಖೆ ನೌಕರರ ಸಂಘದ ರಾಜ್ಯ ಘಟಕದ ಅಧ್ಯಕ್ಷ ಡಾ.ಸ್ವಾಮಿಗೌಡರ್ ಆದೇಶ ಹೊರಡಿಸಿದ್ದಾರೆ.
ಈಚೆಗೆ ನಡೆದ ಅಧಿಕಾರಿ, ನೌಕರರ ಸಭೆಯಲ್ಲಿ ಸರ್ವಾನುಮತದಿಂದ ಅವಿರೋಧವಾಗಿ ಆಯ್ಕೆ ಮಾಡಲಾಯಿತು. ಈ ಸಂದರ್ಭದಲ್ಲಿ ಲೋಕೋಪಯೋಗಿ ಇಲಾಖೆ ನೌಕರರ ಸಂಘದ ರಾಜ್ಯ ಪ್ರಧಾನ ಕಾರ್ಯದರ್ಶಿ ಕೆ.ಎಸ್.ಶ್ರೀನಿವಾಸ್, ಎಂಜಿನಿಯರ್ ಎಸ್.ಎ.ಶ್ರೀನಿವಾಸ್ ಹಾಗೂ ಲೋಕೋಪಯೋಗಿ ಇಲಾಖೆಯ ಚಿತ್ರದುರ್ಗ ವಿಭಾಗದ ಅಧಿಕಾರಿಗಳು ಮತ್ತು ಸಿಬ್ಬಂದಿ ವರ್ಗದವರು ಇದ್ದರು.
ಪರಿಣಾಮಕಾರಿ ಸಂವಹನ ನಡೆಸಲು ಶಬ್ದ ಭಂಡಾರ ಸಹಕಾರಿ
ಚಿತ್ರದುರ್ಗ: ವಿದ್ಯಾರ್ಥಿಗಳು ಪರಿಣಾಮಕಾರಿ ಸಂವಹನ ನಡೆಸಲು ಶಬ್ದ ಭಂಡಾರ ಸಹಕಾರಿಯಾಗಲಿದೆ ಎಂದು ಡಯಟ್ ಪ್ರಾಂಶುಪಾಲ ಎಂ.ನಾರಾಯಣ್ ಹೇಳಿದರು. ನಗರದ ಡಯಟ್‌ನಲ್ಲಿ ರಾಜ್ಯ ಸರ್ಕಾರದ ಡಿ.ಎಸ್.ಇ.ಆರ್.ಟಿ. ಎಸ್.ಎಸ್ ಮತ್ತು ಬಾಲ ರಕ್ಷಾ ಭಾರತ್ ಸಹಯೋಗದಲ್ಲಿ ಹೊರತರಲಾದ ಭಾರಾದ ನಿಘಂಟು ಶಬ್ದಕೋಶ ಅನುಷ್ಠಾನಾಧಿಕಾರಿಗಳಿಗೆ ವಿತರಿಸಿ ಅವರು ಮಾತನಾಡಿದರು. ತನ್ನ ಭಂಡಾರದ ಜ್ಞಾನವು ವಿದ್ಯಾರ್ಥಿಗಳಿಗೆ ಮಾಹಿತಿ, ಪಠ್ಯವಸ್ತುಗಳನ್ನು ಅರ್ಥೈಸಲು, ವಿಶ್ಲೇಷಿಸಲು ಅನುವು ಮಾಡಿಕೊಡುತ್ತದೆ. ಮಾನ ಭಾಷೆ ಮತ್ತು ಇಂಗ್ಲಿಷ್‌ನಲ್ಲಿ ಹೊಸ ಪದಗಳನ್ನು ತಿಳಿಯಲು ಸಹಾಯಕವಾಗಲಿದೆ. ಪದ್ದಕ್ಷಣ ಆಧಾರಿತ (ಕನ್ನಡ-ಇಂಗ್ಲಿಷ್) ನಿಘಂಟನ್ನು ಪ್ರಾಥಮಿಕ ಹಂತದ 6-14 ವರ್ಷ ವಯಸ್ಸಿನವರಿಗೆ ವಿಶ್ಲೇಷಿಸಲಾಗಿದೆ. 1 ರಿಂದ 8 ನೇ ತರಗತಿ ವಿದ್ಯಾರ್ಥಿಗಳಿಗೆ ವಿತರಿಸಲಾಗುವುದು. 1 ರಿಂದ 5ನೇ ತರಗತಿಗೆ ಕನ್ನಡ, ಗಣಿತ, ಪರಿಸರ ಅಧ್ಯಯನ 6 ರಿಂದ 8 ನೇ ತರಗತಿಗೆ ಕನ್ನಡ, ಇಂಗ್ಲಿಷ್, ಹಿಂದಿ, ಗಣಿತ, ವಿಜ್ಞಾನ, ಸಮಾಜ ವಿಜ್ಞಾನ ವಿಷಯಗಳ ಶಬ್ದಕೋಶವನ್ನು ಒಳಗೊಂಡಿದೆ.
ಶಿಕ್ಷಕರು ಮತ್ತು ವಿದ್ಯಾರ್ಥಿಗಳು ನಿಘಂಟಿನ ಸದುಪಯೋಗ ಪಡೆದುಕೊಳ್ಳಬೇಕು ಎಂದು ತಿಳಿಸಿದರು.
ಉಪನ್ಯಾಸಕ ಯು. ಸಿದ್ದೇಶಿ ಮಾತನಾಡಿ, ಪ್ರಶಿಕ್ಷಣ ಯೋಜನೆಯಂತೆ ಹಿರಿಯೂರು ತಾಲೂಕಿನ ಕಬ್ಬಿಗೆರೆ ಸರ್ಕಾರಿ ಹಿರಿಯ ಪ್ರಾಥಮಿಕ ಶಾಲೆ, ಕೆ.ಆರ್.ಹಳ್ಳಿ ಸರ್ಕಾರಿ ಹಿರಿಯ ಪ್ರಾಥಮಿಕ ಶಾಲೆ, ಸಿ.ಎನ್ ಮಾಳಿಗೆ ಸರ್ಕಾರಿ ಕಿರಿಯ ಪ್ರಾಥಮಿಕ ಶಾಲೆ, ಮೂರನೇ ಪ್ರಾಥಮಿಕ ಶಾಲೆ ಆಯ್ಕೆ ಮಾಡಿದ್ದು, ನಿಘಂಟು ಪ್ರತಿ ವಿತರಿಸಲಾಗಿದೆ. ಸಾಫ್ಟ್ ಪ್ರತಿಯನ್ನು ಡಿ.ಎಸ್.ಇ.ಆರ್.ಟಿ ವೆಬ್‌ಸೈಟ್ dsert.karnataka.gov.in ನಲ್ಲಿ ಅಳವಡಿಸಲಾಗಿದೆ. ಜಿಲ್ಲೆಯ ಎಲ್ಲಾ ಶಿಕ್ಷಕರು ಮತ್ತು ವಿದ್ಯಾರ್ಥಿಗಳು ಇದರ ಬಳಕೆ ಮಾಡಿಕೊಳ್ಳಬೇಕು ಎಂದು ತಿಳಿಸಿದರು. ಹಿರಿಯ ಉಪನ್ಯಾಸಕರಾದ ಎಸ್.ಬಿ.ಪ್ರಸಾದ್, ಎನ್. ಜ್ಯಾನಿಗೌಡ, ಉಪನ್ಯಾಸಕರಾದ ಆರ್.ನಾಗರಾಜು, ಎಂ.ಬಸವರಾಜು, ಡಿ.ಎಸ್.ಸತ್ಯಾನಾರಾಯಣ, ಸಮಾಜ ವಿಜ್ಞಾನ ವಿಷಯ ಪರಿವೀಕ್ಷಕ ಕೆ.ಬಿ.ಪ್ರಕಾಶ್, ತಾಂತ್ರಿಕ ಸಹಾಯಕ ಆರ್.ಲೀಲಾರಾಣಿ ಇದ್ದರು.
